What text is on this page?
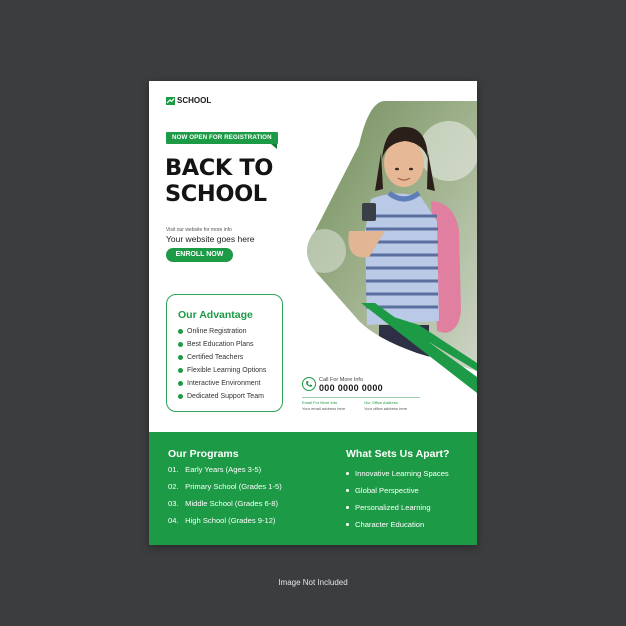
SCHOOL
NOW OPEN FOR REGISTRATION
BACK TO
SCHOOL
Visit our website for more info
Your website goes here
ENROLL NOW
Our Advantage
Online Registration
Best Education Plans
Certified Teachers
Flexible Learning Options
Interactive Environment
Dedicated Support Team
Call For More Info
000 0000 0000
Email For More Info
Your email address here
Our Office Address
Your office address here
Our Programs
01. Early Years (Ages 3-5)
02. Primary School (Grades 1-5)
03. Middle School (Grades 6-8)
04. High School (Grades 9-12)
What Sets Us Apart?
Innovative Learning Spaces
Global Perspective
Personalized Learning
Character Education
Image Not Included
